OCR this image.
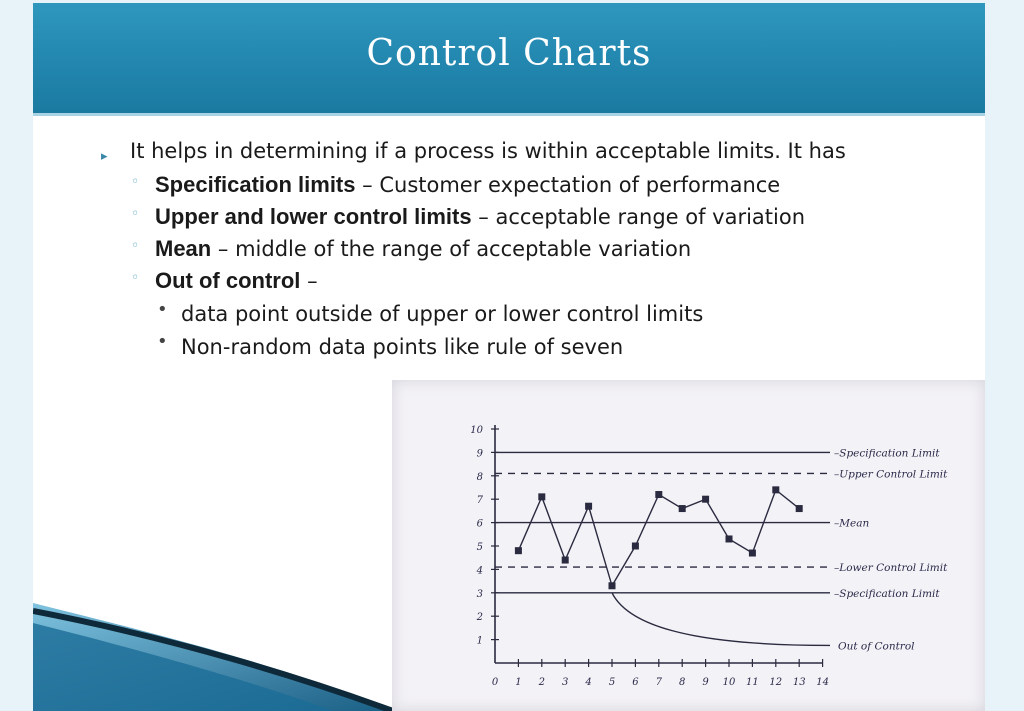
Control Charts
▸ It helps in determining if a process is within acceptable limits. It has
◦ Specification limits – Customer expectation of performance
◦ Upper and lower control limits – acceptable range of variation
◦ Mean – middle of the range of acceptable variation
◦ Out of control –
• data point outside of upper or lower control limits
• Non-random data points like rule of seven
1
2
3
4
5
6
7
8
9
10
0 1 2 3 4 5 6 7 8 9 10 11 12 13 14
–Specification Limit
–Upper Control Limit
–Mean
–Lower Control Limit
–Specification Limit
Out of Control
